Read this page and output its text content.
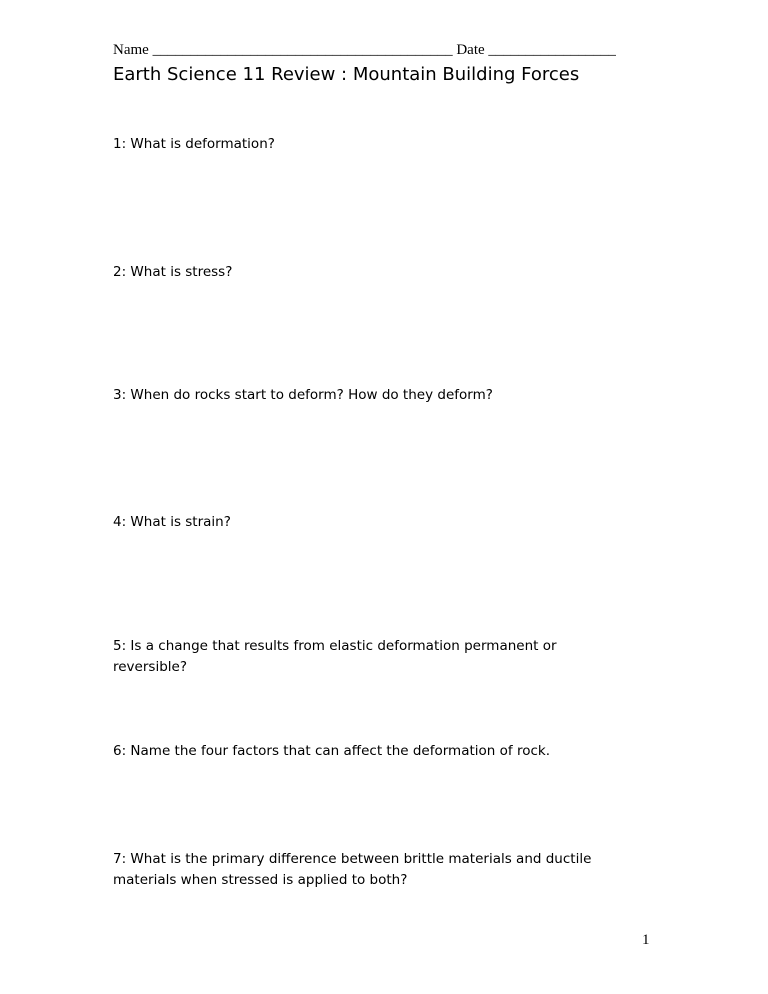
Name ________________________________________ Date _________________
Earth Science 11 Review : Mountain Building Forces
1: What is deformation?
2: What is stress?
3: When do rocks start to deform? How do they deform?
4: What is strain?
5: Is a change that results from elastic deformation permanent or reversible?
6: Name the four factors that can affect the deformation of rock.
7: What is the primary difference between brittle materials and ductile materials when stressed is applied to both?
1
